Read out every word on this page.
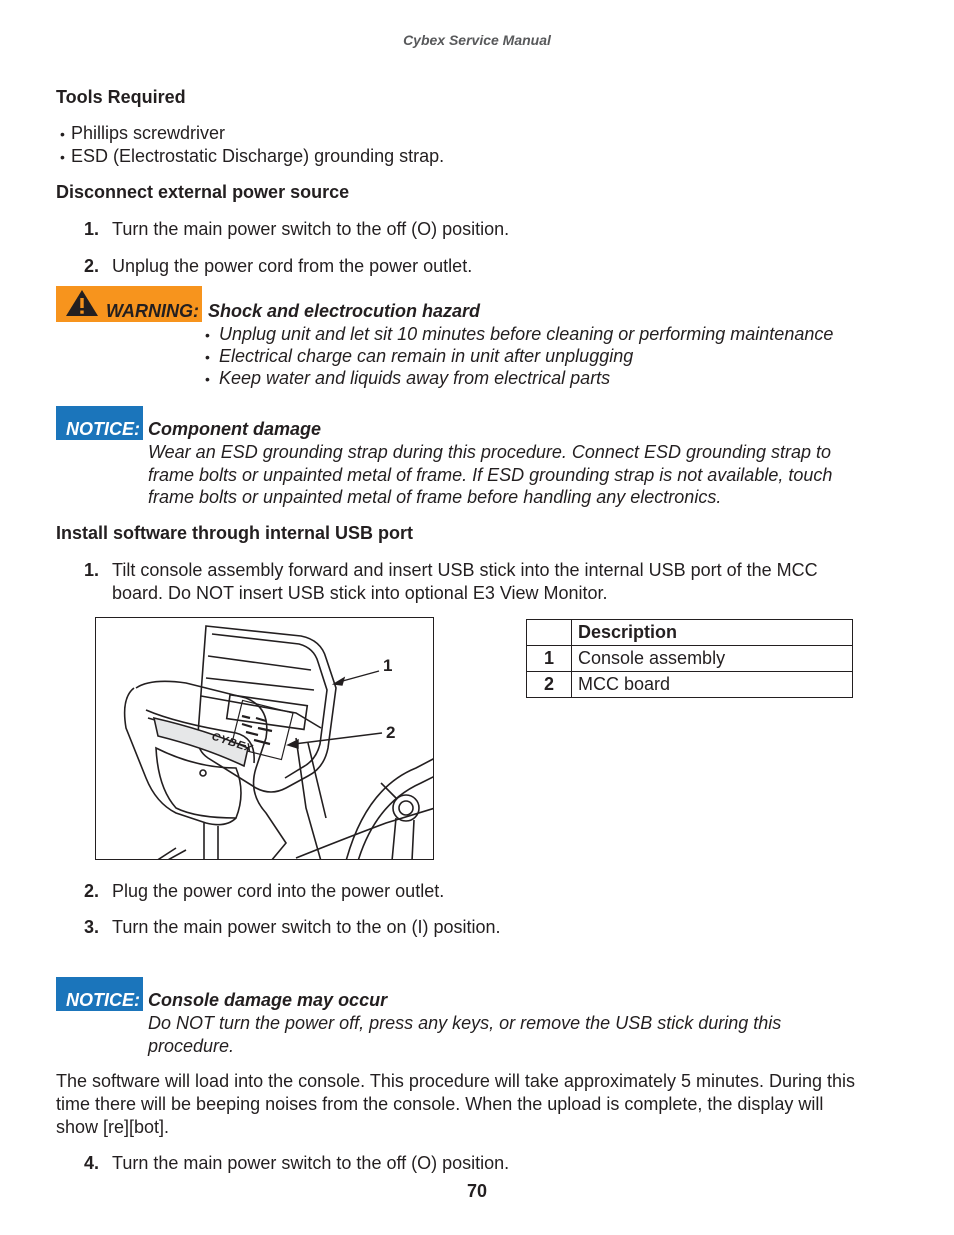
Cybex Service Manual
Tools Required
• Phillips screwdriver
• ESD (Electrostatic Discharge) grounding strap.
Disconnect external power source
1. Turn the main power switch to the off (O) position.
2. Unplug the power cord from the power outlet.
WARNING: Shock and electrocution hazard
• Unplug unit and let sit 10 minutes before cleaning or performing maintenance
• Electrical charge can remain in unit after unplugging
• Keep water and liquids away from electrical parts
NOTICE: Component damage
Wear an ESD grounding strap during this procedure. Connect ESD grounding strap to
frame bolts or unpainted metal of frame. If ESD grounding strap is not available, touch
frame bolts or unpainted metal of frame before handling any electronics.
Install software through internal USB port
1. Tilt console assembly forward and insert USB stick into the internal USB port of the MCC
board. Do NOT insert USB stick into optional E3 View Monitor.
CYBEX
1
2
	Description
1	Console assembly
2	MCC board
2. Plug the power cord into the power outlet.
3. Turn the main power switch to the on (I) position.
NOTICE: Console damage may occur
Do NOT turn the power off, press any keys, or remove the USB stick during this
procedure.
The software will load into the console. This procedure will take approximately 5 minutes. During this
time there will be beeping noises from the console. When the upload is complete, the display will
show [re][bot].
4. Turn the main power switch to the off (O) position.
70
